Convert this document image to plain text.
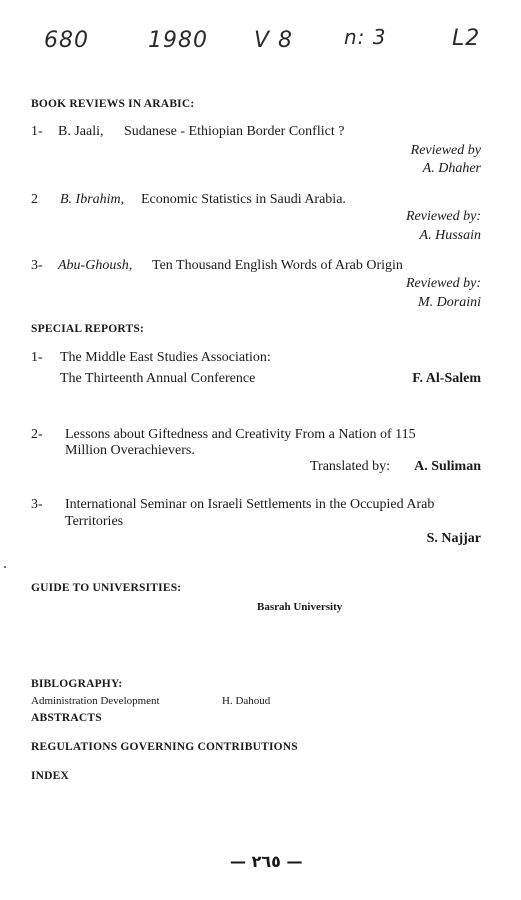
680	1980 V 8	n: 3	L2
BOOK REVIEWS IN ARABIC:
1- B. Jaali, Sudanese - Ethiopian Border Conflict ?
Reviewed by
A. Dhaher
2 B. Ibrahim, Economic Statistics in Saudi Arabia.
Reviewed by:
A. Hussain
3- Abu-Ghoush, Ten Thousand English Words of Arab Origin
Reviewed by:
M. Doraini
SPECIAL REPORTS:
1- The Middle East Studies Association:
The Thirteenth Annual Conference	F. Al-Salem
2- Lessons about Giftedness and Creativity From a Nation of 115
Million Overachievers.
Translated by: A. Suliman
3- International Seminar on Israeli Settlements in the Occupied Arab
Territories
S. Najjar
GUIDE TO UNIVERSITIES:
Basrah University
BIBLOGRAPHY:
Administration Development	H. Dahoud
ABSTRACTS
REGULATIONS GOVERNING CONTRIBUTIONS
INDEX
— ٢٦٥ —
